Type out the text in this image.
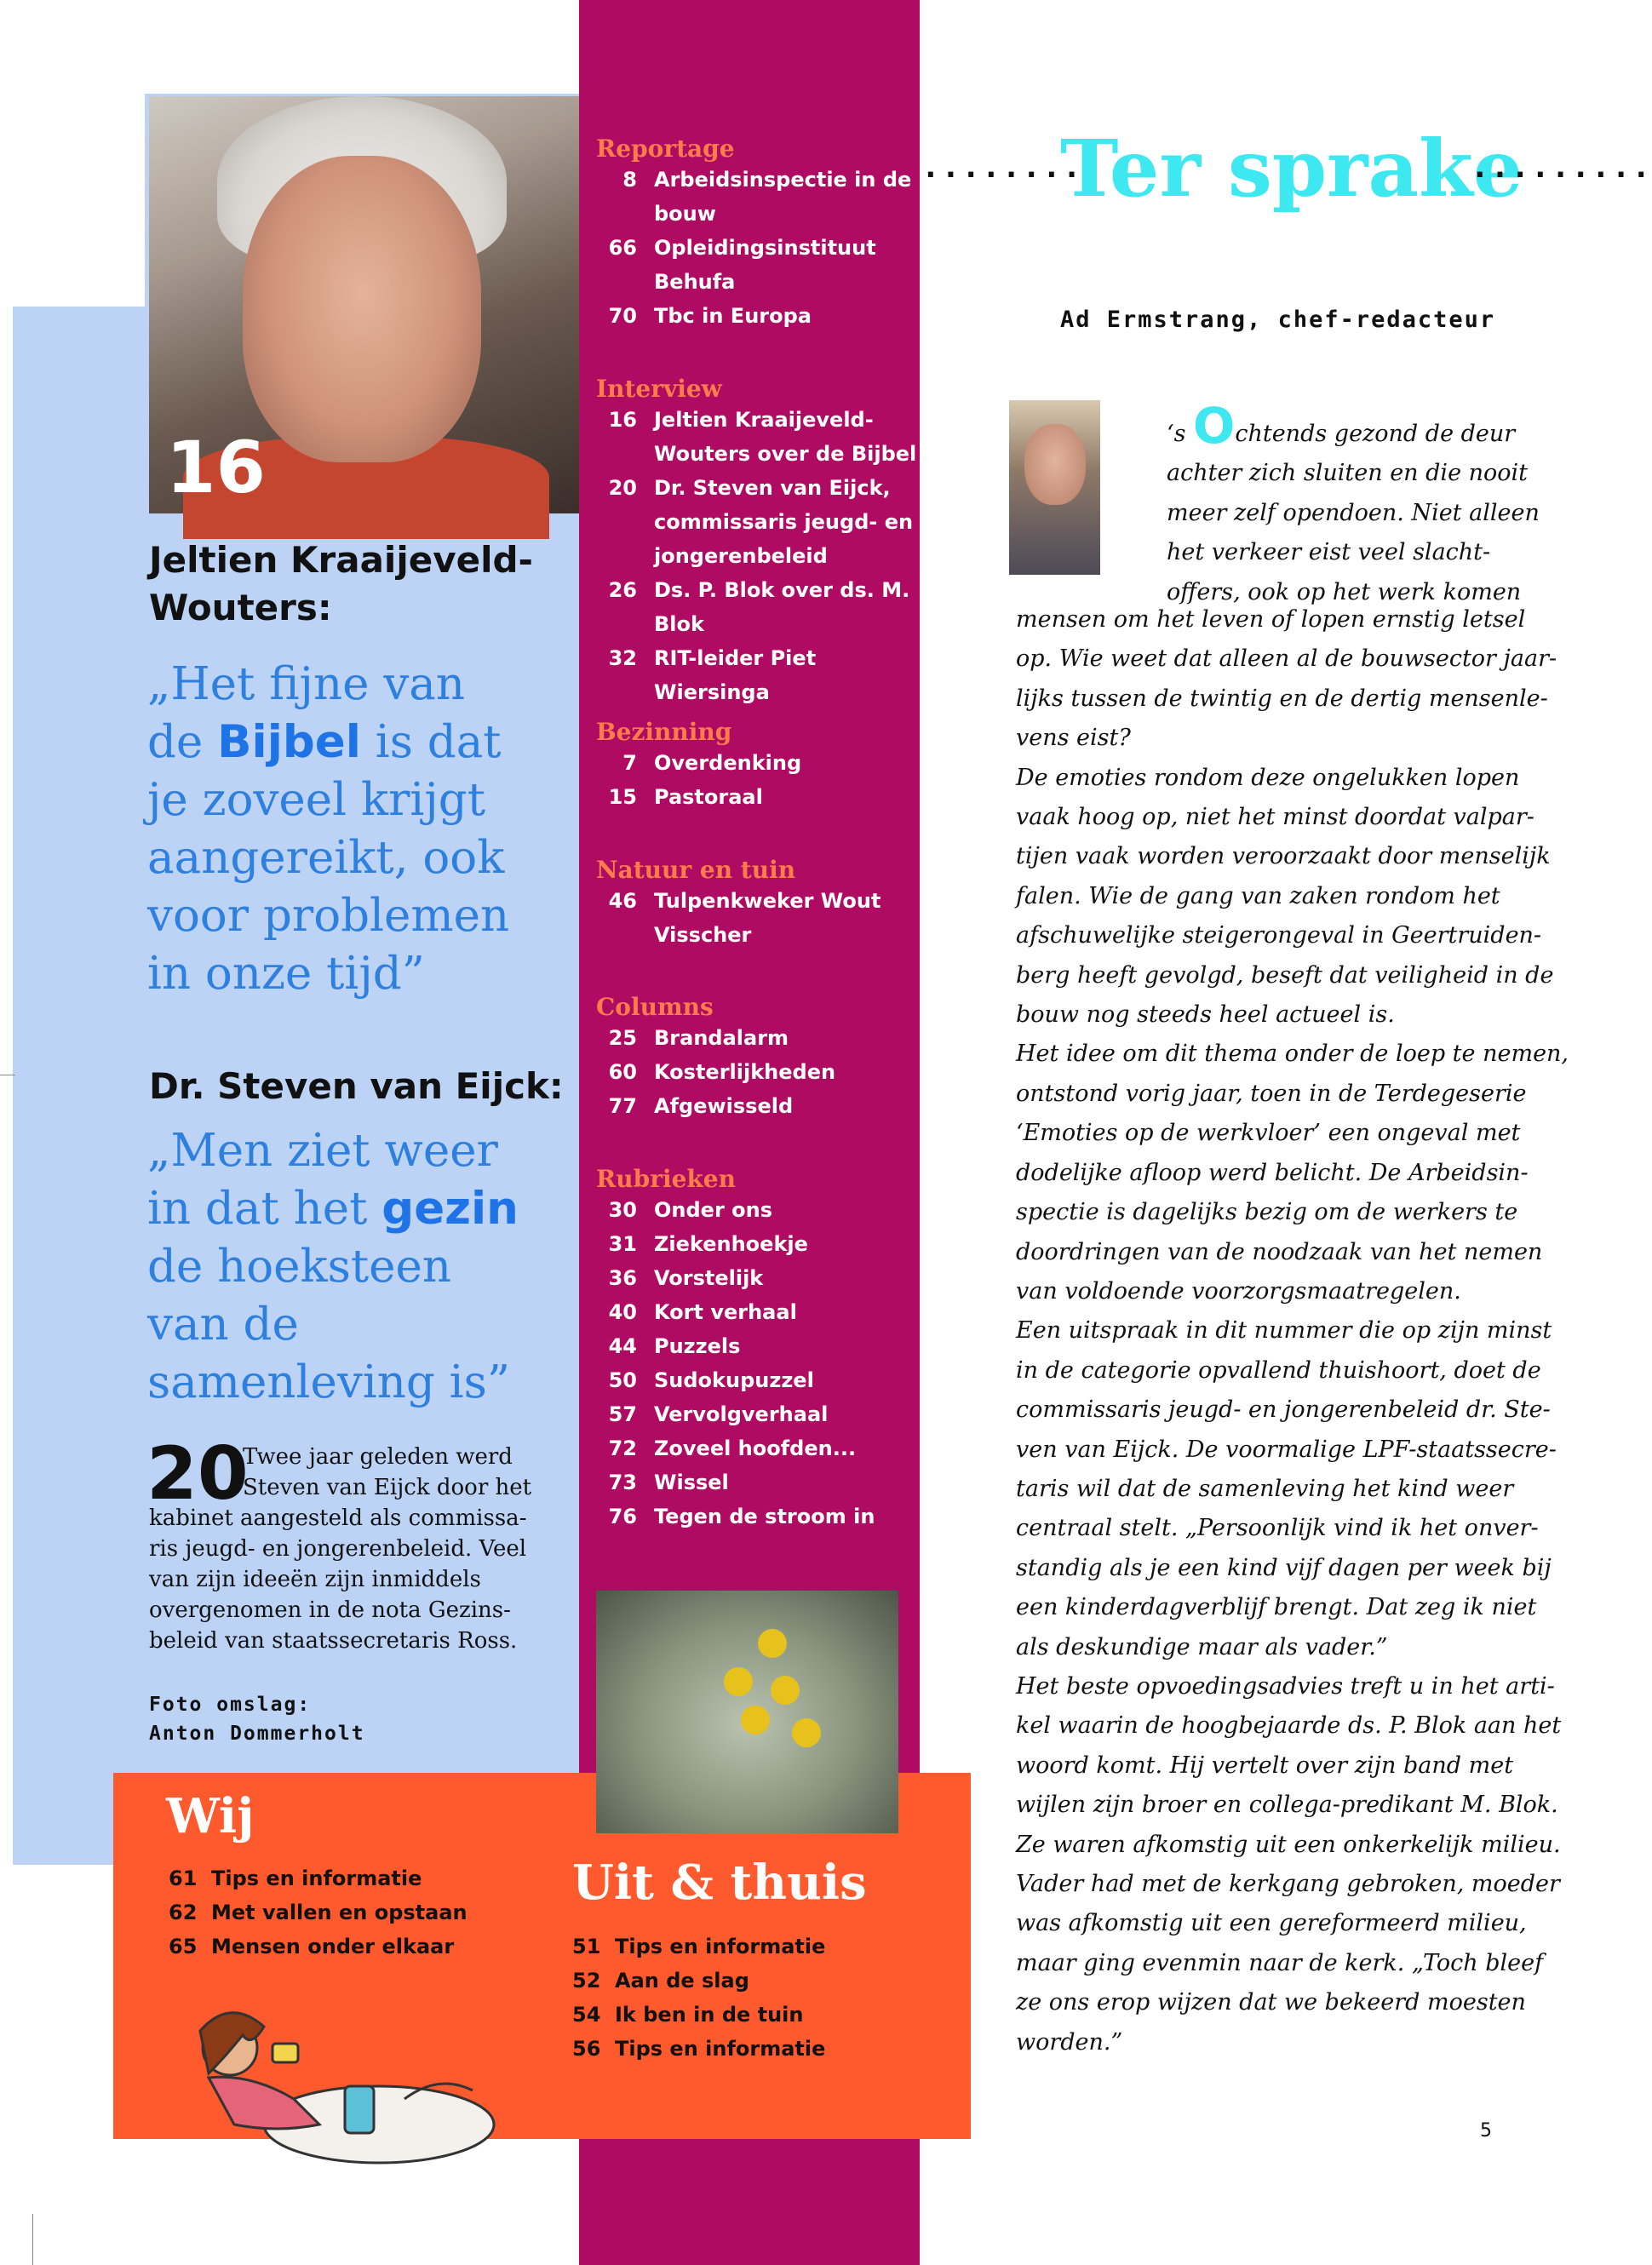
16
Jeltien Kraaijeveld-
Wouters:
„Het fijne van
de Bijbel is dat
je zoveel krijgt
aangereikt, ook
voor problemen
in onze tijd”
Dr. Steven van Eijck:
„Men ziet weer
in dat het gezin
de hoeksteen
van de
samenleving is”
20
Twee jaar geleden werd
Steven van Eijck door het
kabinet aangesteld als commissa-
ris jeugd- en jongerenbeleid. Veel
van zijn ideeën zijn inmiddels
overgenomen in de nota Gezins-
beleid van staatssecretaris Ross.
Foto omslag:
Anton Dommerholt
Reportage
8 Arbeidsinspectie in de
bouw
66 Opleidingsinstituut
Behufa
70 Tbc in Europa
Interview
16 Jeltien Kraaijeveld-
Wouters over de Bijbel
20 Dr. Steven van Eijck,
commissaris jeugd- en
jongerenbeleid
26 Ds. P. Blok over ds. M.
Blok
32 RIT-leider Piet Wiersinga
Bezinning
7 Overdenking
15 Pastoraal
Natuur en tuin
46 Tulpenkweker Wout
Visscher
Columns
25 Brandalarm
60 Kosterlijkheden
77 Afgewisseld
Rubrieken
30 Onder ons
31 Ziekenhoekje
36 Vorstelijk
40 Kort verhaal
44 Puzzels
50 Sudokupuzzel
57 Vervolgverhaal
72 Zoveel hoofden...
73 Wissel
76 Tegen de stroom in
Wij
61 Tips en informatie
62 Met vallen en opstaan
65 Mensen onder elkaar
Uit & thuis
51 Tips en informatie
52 Aan de slag
54 Ik ben in de tuin
56 Tips en informatie
.........
Ter sprake
.........
Ad Ermstrang, chef-redacteur
‘s Ochtends gezond de deur
achter zich sluiten en die nooit
meer zelf opendoen. Niet alleen
het verkeer eist veel slacht-
offers, ook op het werk komen
mensen om het leven of lopen ernstig letsel
op. Wie weet dat alleen al de bouwsector jaar-
lijks tussen de twintig en de dertig mensenle-
vens eist?
De emoties rondom deze ongelukken lopen
vaak hoog op, niet het minst doordat valpar-
tijen vaak worden veroorzaakt door menselijk
falen. Wie de gang van zaken rondom het
afschuwelijke steigerongeval in Geertruiden-
berg heeft gevolgd, beseft dat veiligheid in de
bouw nog steeds heel actueel is.
Het idee om dit thema onder de loep te nemen,
ontstond vorig jaar, toen in de Terdegeserie
‘Emoties op de werkvloer’ een ongeval met
dodelijke afloop werd belicht. De Arbeidsin-
spectie is dagelijks bezig om de werkers te
doordringen van de noodzaak van het nemen
van voldoende voorzorgsmaatregelen.
Een uitspraak in dit nummer die op zijn minst
in de categorie opvallend thuishoort, doet de
commissaris jeugd- en jongerenbeleid dr. Ste-
ven van Eijck. De voormalige LPF-staatssecre-
taris wil dat de samenleving het kind weer
centraal stelt. „Persoonlijk vind ik het onver-
standig als je een kind vijf dagen per week bij
een kinderdagverblijf brengt. Dat zeg ik niet
als deskundige maar als vader.”
Het beste opvoedingsadvies treft u in het arti-
kel waarin de hoogbejaarde ds. P. Blok aan het
woord komt. Hij vertelt over zijn band met
wijlen zijn broer en collega-predikant M. Blok.
Ze waren afkomstig uit een onkerkelijk milieu.
Vader had met de kerkgang gebroken, moeder
was afkomstig uit een gereformeerd milieu,
maar ging evenmin naar de kerk. „Toch bleef
ze ons erop wijzen dat we bekeerd moesten
worden.”
5
